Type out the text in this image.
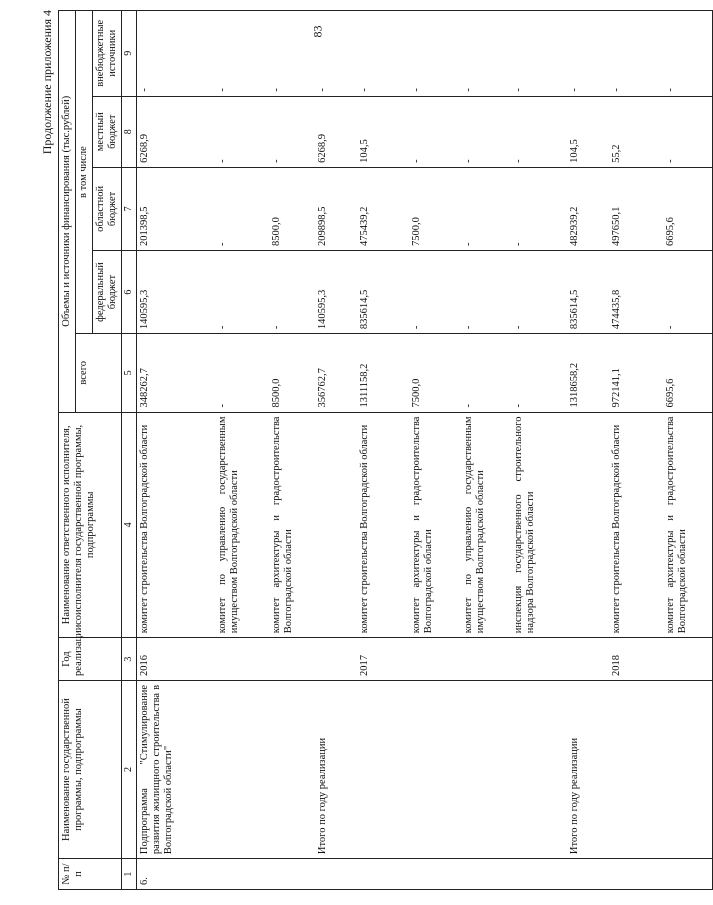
83
Продолжение приложения 4
№ п/п	Наименование государственной программы, подпрограммы	Год реализации	Наименование ответственного исполнителя, соисполнителя государственной программы, подпрограммы	Объемы и источники финансирования (тыс.рублей)				
				всего	в том числе			
					федеральный бюджет	областной бюджет	местный бюджет	внебюджетные источники
1	2	3	4	5	6	7	8	9
6.	Подпрограмма "Стимулирование развития жилищного строительства в Волгоградской области"	2016	комитет строительства Волгоградской области	348262,7	140595,3	201398,5	6268,9	-
			комитет по управлению государственным имуществом Волгоградской области	-	-	-	-	-
			комитет архитектуры и градостроительства Волгоградской области	8500,0	-	8500,0	-	-
	Итого по году реализации			356762,7	140595,3	209898,5	6268,9	-
		2017	комитет строительства Волгоградской области	1311158,2	835614,5	475439,2	104,5	-
			комитет архитектуры и градостроительства Волгоградской области	7500,0	-	7500,0	-	-
			комитет по управлению государственным имуществом Волгоградской области	-	-	-	-	-
			инспекция государственного строительного надзора Волгоградской области	-	-	-	-	-
	Итого по году реализации			1318658,2	835614,5	482939,2	104,5	-
		2018	комитет строительства Волгоградской области	972141,1	474435,8	497650,1	55,2	-
			комитет архитектуры и градостроительства Волгоградской области	6695,6	-	6695,6	-	-
